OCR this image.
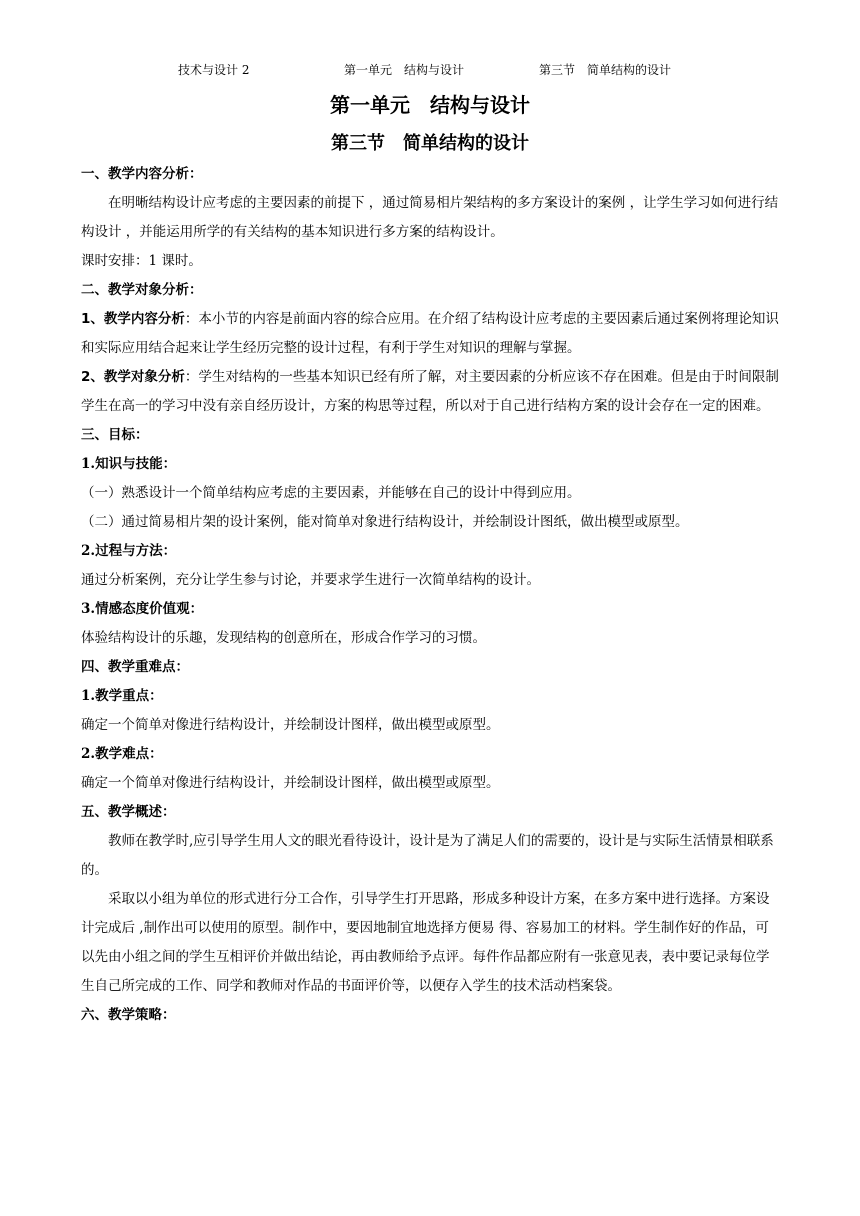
技术与设计 2	第一单元　结构与设计	第三节　简单结构的设计
第一单元　结构与设计
第三节　简单结构的设计

一、教学内容分析：

在明晰结构设计应考虑的主要因素的前提下 ，通过简易相片架结构的多方案设计的案例 ，让学生学习如何进行结构设计 ，并能运用所学的有关结构的基本知识进行多方案的结构设计。

课时安排：1 课时。

二、教学对象分析：

1、教学内容分析：本小节的内容是前面内容的综合应用。在介绍了结构设计应考虑的主要因素后通过案例将理论知识和实际应用结合起来让学生经历完整的设计过程，有利于学生对知识的理解与掌握。

2、教学对象分析：学生对结构的一些基本知识已经有所了解，对主要因素的分析应该不存在困难。但是由于时间限制学生在高一的学习中没有亲自经历设计，方案的构思等过程，所以对于自己进行结构方案的设计会存在一定的困难。

三、目标：

1.知识与技能：

（一）熟悉设计一个简单结构应考虑的主要因素，并能够在自己的设计中得到应用。

（二）通过简易相片架的设计案例，能对简单对象进行结构设计，并绘制设计图纸，做出模型或原型。

2.过程与方法：

通过分析案例，充分让学生参与讨论，并要求学生进行一次简单结构的设计。

3.情感态度价值观：

体验结构设计的乐趣，发现结构的创意所在，形成合作学习的习惯。

四、教学重难点：

1.教学重点：

确定一个简单对像进行结构设计，并绘制设计图样，做出模型或原型。

2.教学难点：

确定一个简单对像进行结构设计，并绘制设计图样，做出模型或原型。

五、教学概述：

教师在教学时,应引导学生用人文的眼光看待设计，设计是为了满足人们的需要的，设计是与实际生活情景相联系的。

采取以小组为单位的形式进行分工合作，引导学生打开思路，形成多种设计方案，在多方案中进行选择。方案设计完成后 ,制作出可以使用的原型。制作中，要因地制宜地选择方便易 得、容易加工的材料。学生制作好的作品，可以先由小组之间的学生互相评价并做出结论，再由教师给予点评。每件作品都应附有一张意见表，表中要记录每位学生自己所完成的工作、同学和教师对作品的书面评价等，以便存入学生的技术活动档案袋。

六、教学策略：
